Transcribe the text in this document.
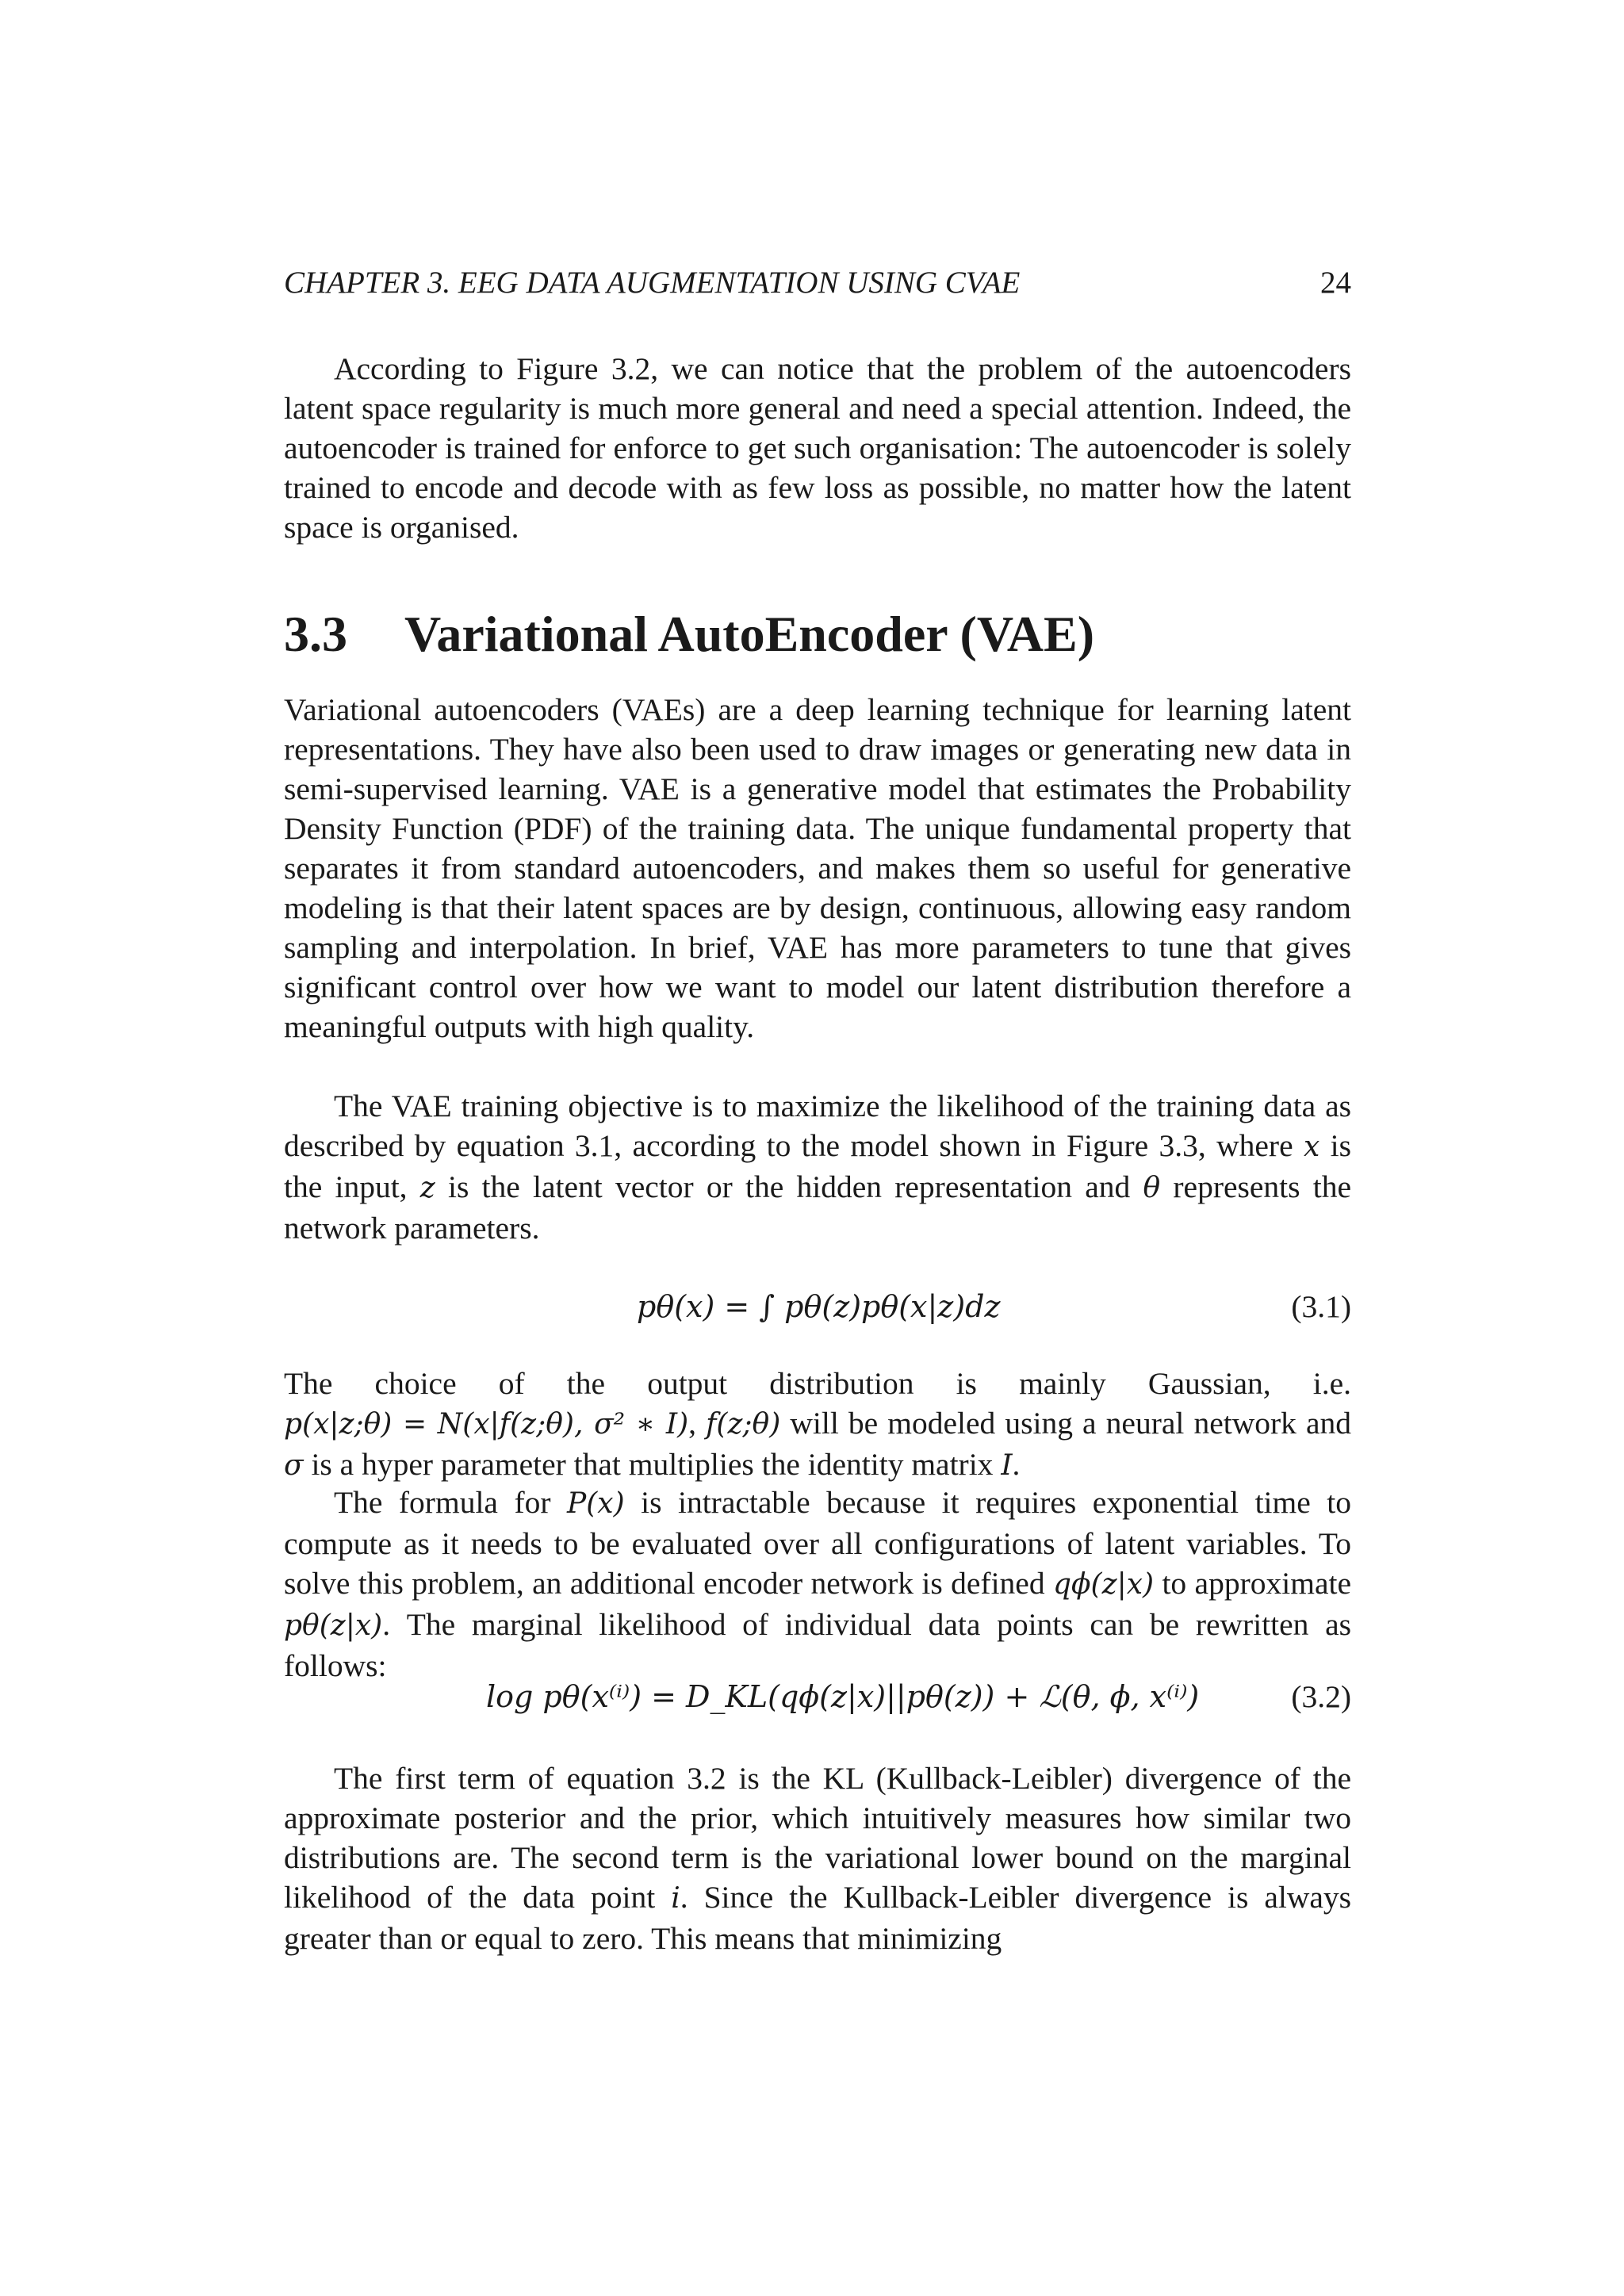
CHAPTER 3. EEG DATA AUGMENTATION USING CVAE	24

According to Figure 3.2, we can notice that the problem of the autoencoders latent space regularity is much more general and need a special attention. Indeed, the autoencoder is trained for enforce to get such organisation: The autoencoder is solely trained to encode and decode with as few loss as possible, no matter how the latent space is organised.

3.3 Variational AutoEncoder (VAE)

Variational autoencoders (VAEs) are a deep learning technique for learning latent representations. They have also been used to draw images or generating new data in semi-supervised learning. VAE is a generative model that estimates the Probability Density Function (PDF) of the training data. The unique fundamental property that separates it from standard autoencoders, and makes them so useful for generative modeling is that their latent spaces are by design, continuous, allowing easy random sampling and interpolation. In brief, VAE has more parameters to tune that gives significant control over how we want to model our latent distribution therefore a meaningful outputs with high quality.

The VAE training objective is to maximize the likelihood of the training data as described by equation 3.1, according to the model shown in Figure 3.3, where x is the input, z is the latent vector or the hidden representation and θ represents the network parameters.

pθ(x) = ∫ pθ(z)pθ(x|z)dz	(3.1)

The choice of the output distribution is mainly Gaussian, i.e. p(x|z;θ) = N(x|f(z;θ), σ² ∗ I), f(z;θ) will be modeled using a neural network and σ is a hyper parameter that multiplies the identity matrix I.

The formula for P(x) is intractable because it requires exponential time to compute as it needs to be evaluated over all configurations of latent variables. To solve this problem, an additional encoder network is defined qϕ(z|x) to approximate pθ(z|x). The marginal likelihood of individual data points can be rewritten as follows:

log pθ(x⁽ⁱ⁾) = D_KL(qϕ(z|x)||pθ(z)) + ℒ(θ, ϕ, x⁽ⁱ⁾)	(3.2)

The first term of equation 3.2 is the KL (Kullback-Leibler) divergence of the approximate posterior and the prior, which intuitively measures how similar two distributions are. The second term is the variational lower bound on the marginal likelihood of the data point i. Since the Kullback-Leibler divergence is always greater than or equal to zero. This means that minimizing
